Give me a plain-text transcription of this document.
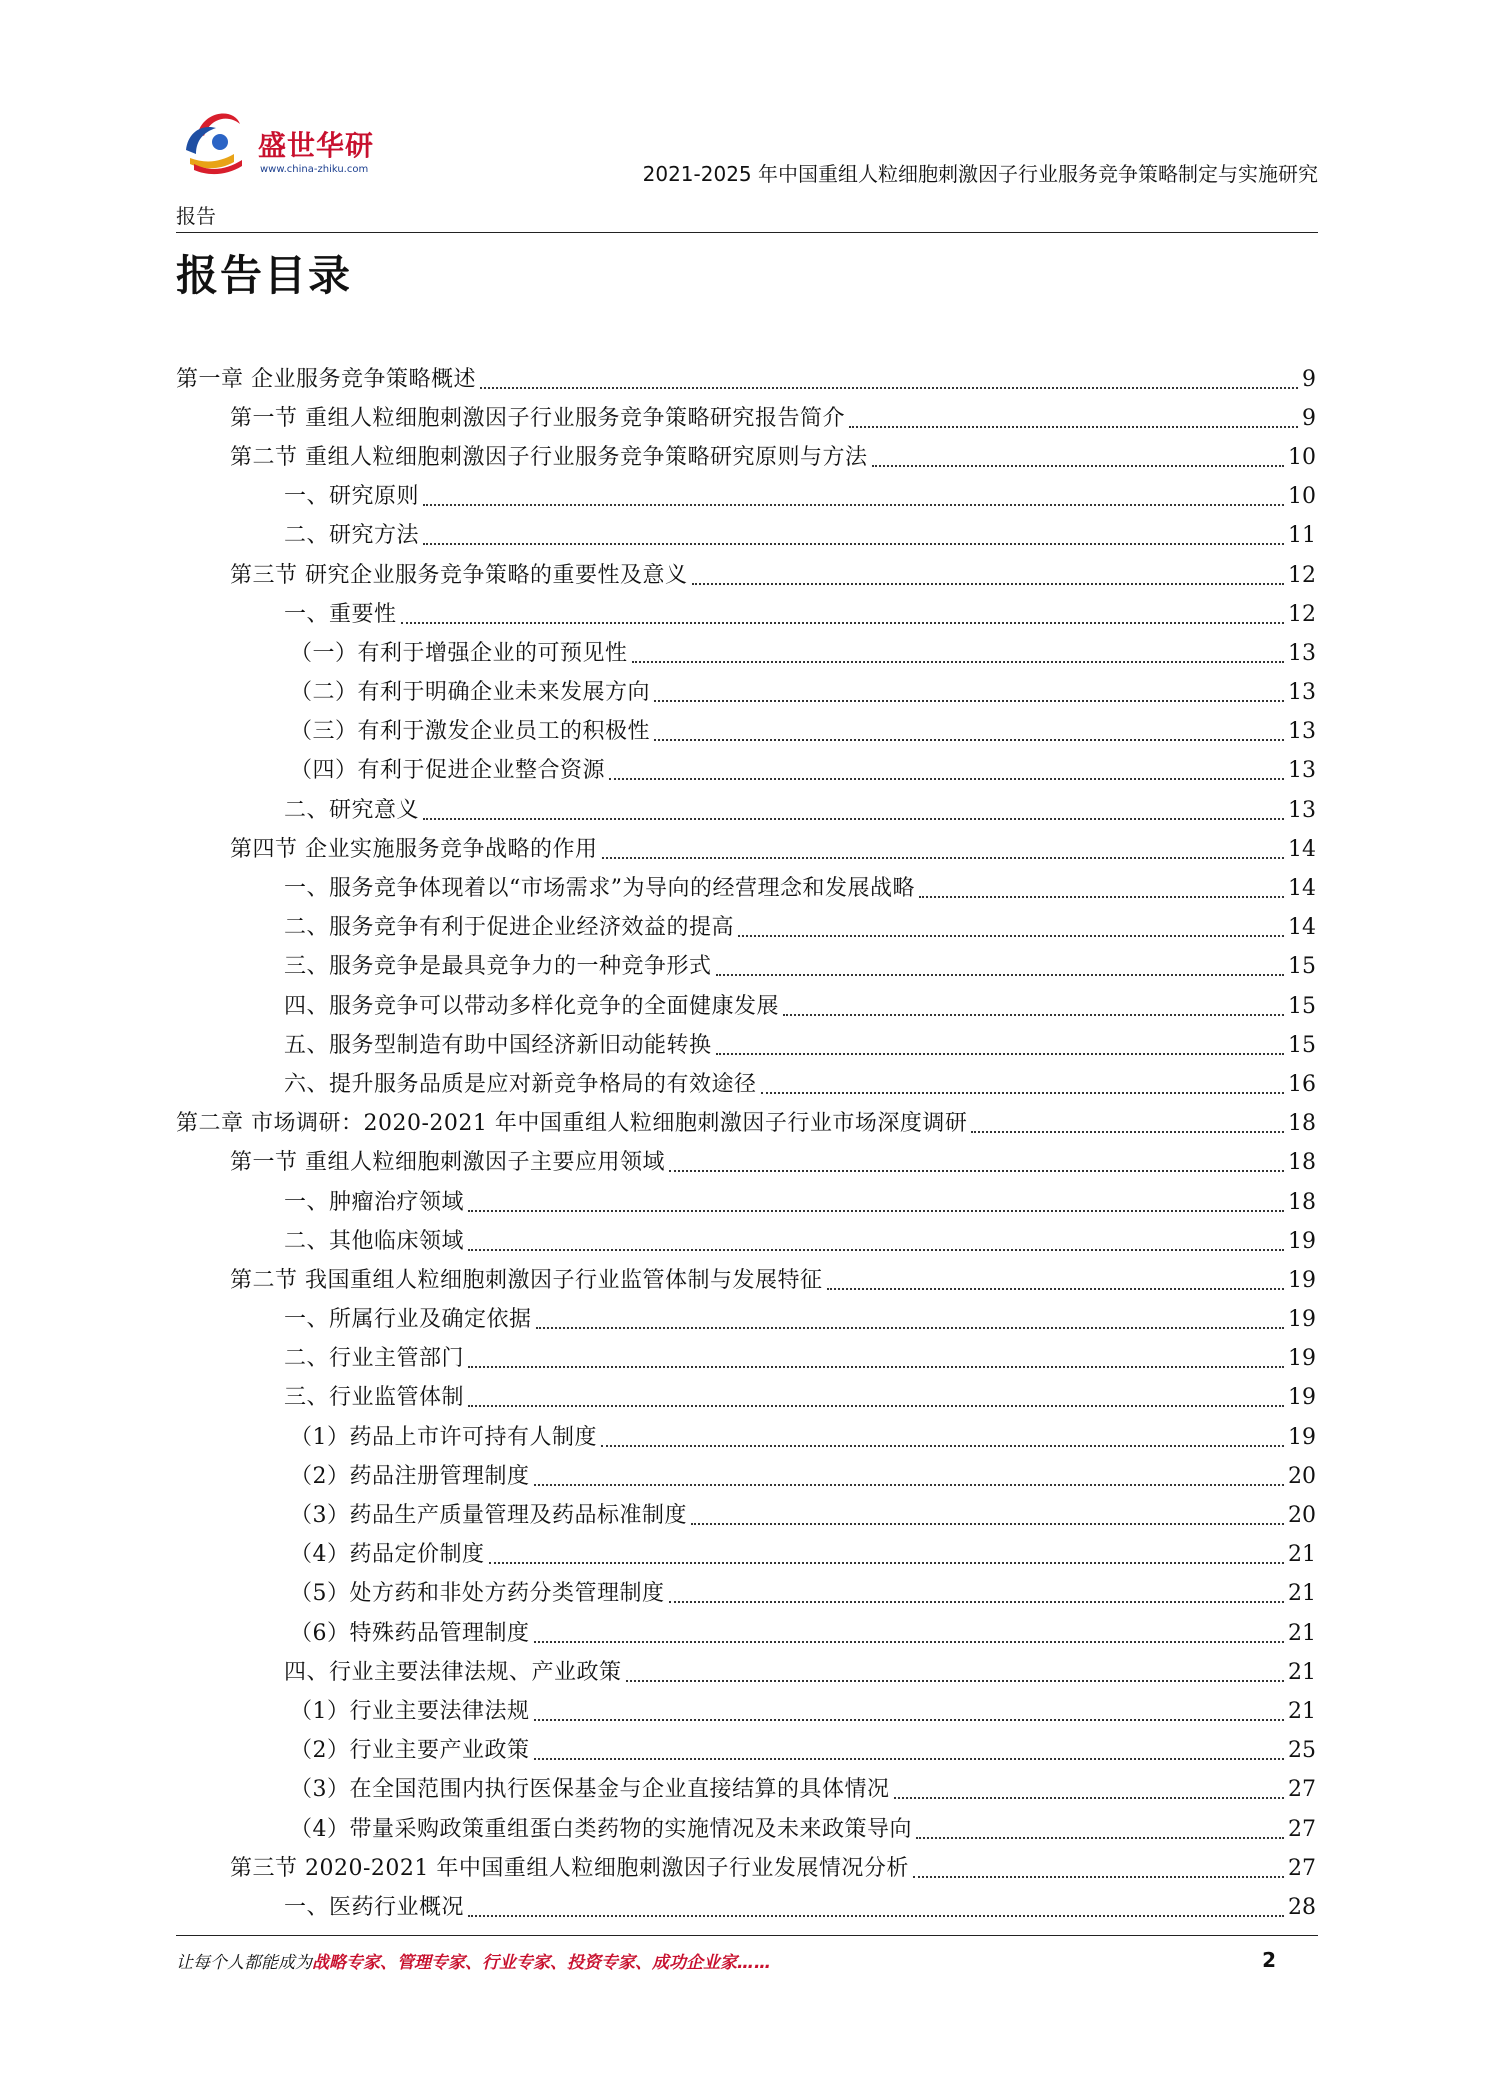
盛世华研
www.china-zhiku.com	2021-2025 年中国重组人粒细胞刺激因子行业服务竞争策略制定与实施研究
报告
报告目录
第一章 企业服务竞争策略概述	9
第一节 重组人粒细胞刺激因子行业服务竞争策略研究报告简介	9
第二节 重组人粒细胞刺激因子行业服务竞争策略研究原则与方法	10
一、研究原则	10
二、研究方法	11
第三节 研究企业服务竞争策略的重要性及意义	12
一、重要性	12
（一）有利于增强企业的可预见性	13
（二）有利于明确企业未来发展方向	13
（三）有利于激发企业员工的积极性	13
（四）有利于促进企业整合资源	13
二、研究意义	13
第四节 企业实施服务竞争战略的作用	14
一、服务竞争体现着以“市场需求”为导向的经营理念和发展战略	14
二、服务竞争有利于促进企业经济效益的提高	14
三、服务竞争是最具竞争力的一种竞争形式	15
四、服务竞争可以带动多样化竞争的全面健康发展	15
五、服务型制造有助中国经济新旧动能转换	15
六、提升服务品质是应对新竞争格局的有效途径	16
第二章 市场调研：2020-2021 年中国重组人粒细胞刺激因子行业市场深度调研	18
第一节 重组人粒细胞刺激因子主要应用领域	18
一、肿瘤治疗领域	18
二、其他临床领域	19
第二节 我国重组人粒细胞刺激因子行业监管体制与发展特征	19
一、所属行业及确定依据	19
二、行业主管部门	19
三、行业监管体制	19
（1）药品上市许可持有人制度	19
（2）药品注册管理制度	20
（3）药品生产质量管理及药品标准制度	20
（4）药品定价制度	21
（5）处方药和非处方药分类管理制度	21
（6）特殊药品管理制度	21
四、行业主要法律法规、产业政策	21
（1）行业主要法律法规	21
（2）行业主要产业政策	25
（3）在全国范围内执行医保基金与企业直接结算的具体情况	27
（4）带量采购政策重组蛋白类药物的实施情况及未来政策导向	27
第三节 2020-2021 年中国重组人粒细胞刺激因子行业发展情况分析	27
一、医药行业概况	28
让每个人都能成为战略专家、管理专家、行业专家、投资专家、成功企业家……	2
